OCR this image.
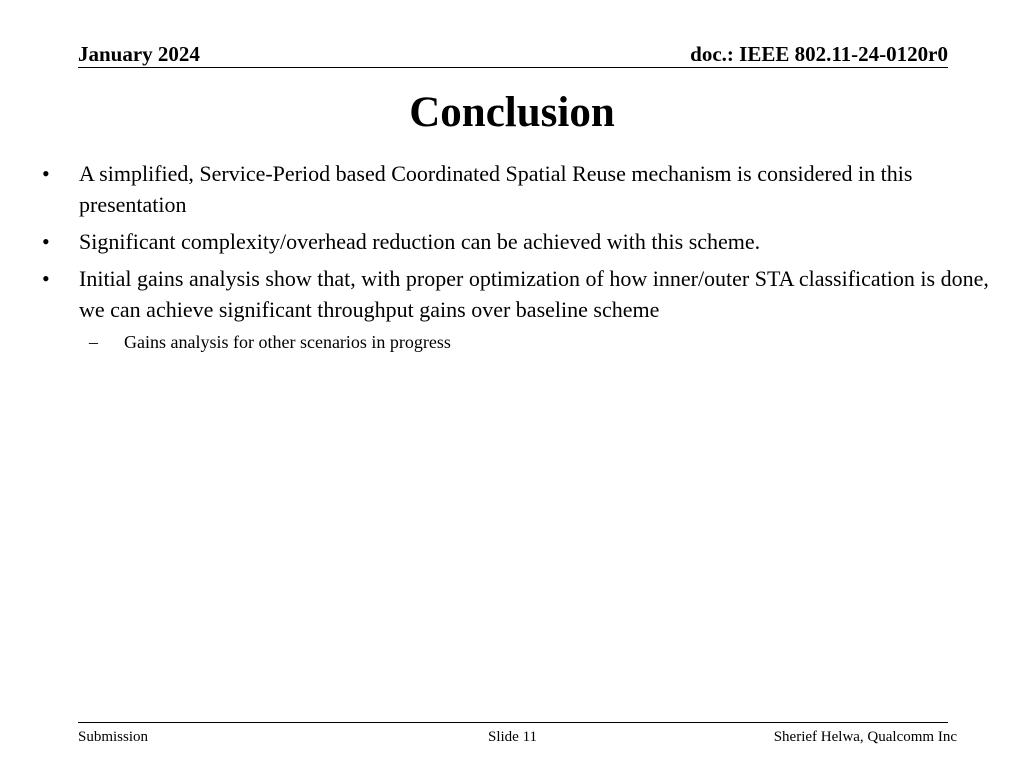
January 2024	doc.: IEEE 802.11-24-0120r0
Conclusion
•	A simplified, Service-Period based Coordinated Spatial Reuse mechanism is considered in this presentation
•	Significant complexity/overhead reduction can be achieved with this scheme.
•	Initial gains analysis show that, with proper optimization of how inner/outer STA classification is done, we can achieve significant throughput gains over baseline scheme
–	Gains analysis for other scenarios in progress
Submission	Slide 11	Sherief Helwa, Qualcomm Inc
